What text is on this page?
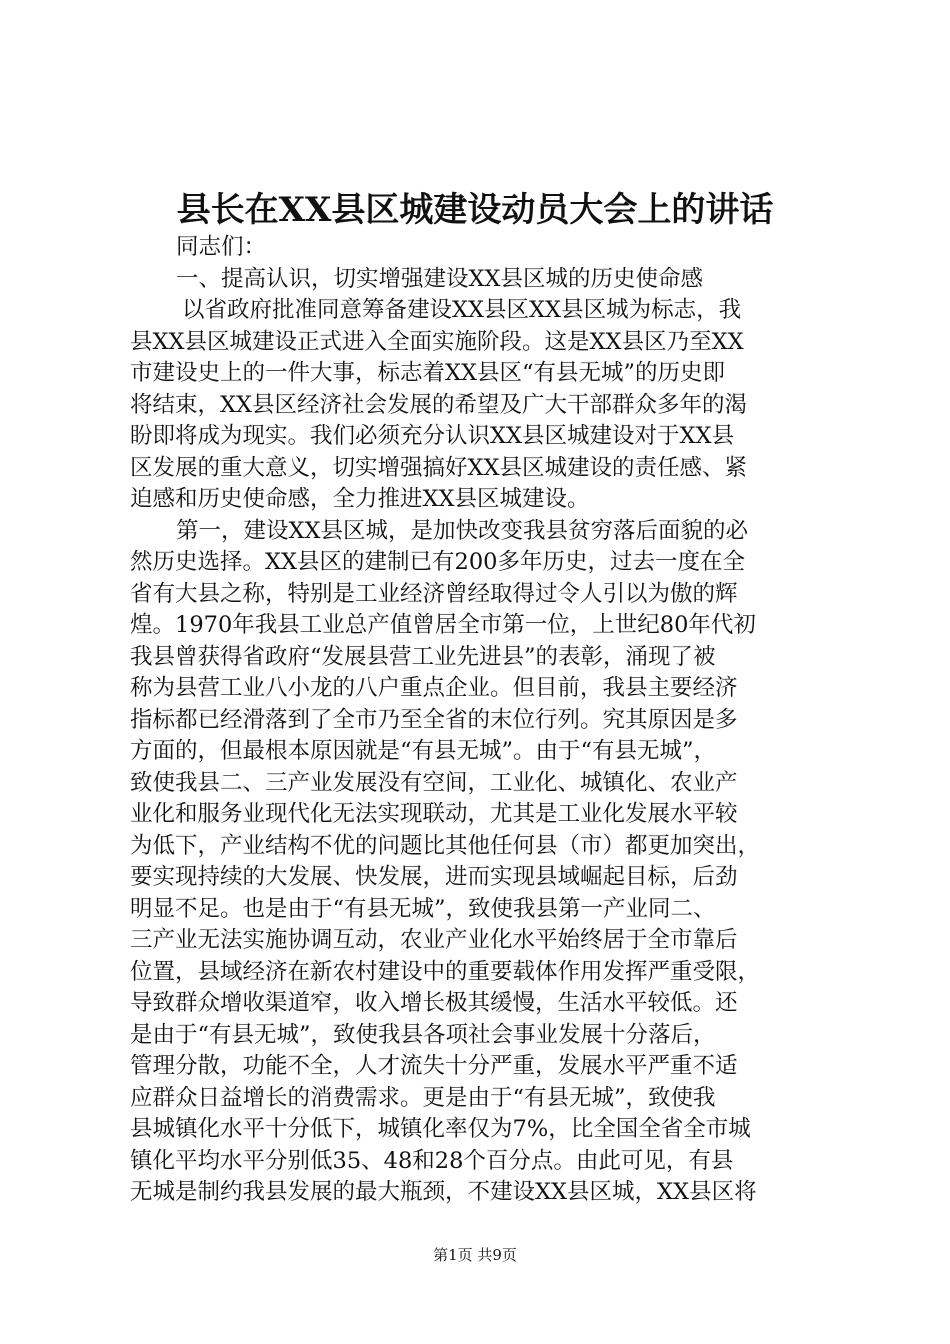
县长在XX县区城建设动员大会上的讲话
同志们：
一、提高认识，切实增强建设XX县区城的历史使命感
以省政府批准同意筹备建设XX县区XX县区城为标志，我
县XX县区城建设正式进入全面实施阶段。这是XX县区乃至XX
市建设史上的一件大事，标志着XX县区“有县无城”的历史即
将结束，XX县区经济社会发展的希望及广大干部群众多年的渴
盼即将成为现实。我们必须充分认识XX县区城建设对于XX县
区发展的重大意义，切实增强搞好XX县区城建设的责任感、紧
迫感和历史使命感，全力推进XX县区城建设。
第一，建设XX县区城，是加快改变我县贫穷落后面貌的必
然历史选择。XX县区的建制已有200多年历史，过去一度在全
省有大县之称，特别是工业经济曾经取得过令人引以为傲的辉
煌。1970年我县工业总产值曾居全市第一位，上世纪80年代初
我县曾获得省政府“发展县营工业先进县”的表彰，涌现了被
称为县营工业八小龙的八户重点企业。但目前，我县主要经济
指标都已经滑落到了全市乃至全省的末位行列。究其原因是多
方面的，但最根本原因就是“有县无城”。由于“有县无城”，
致使我县二、三产业发展没有空间，工业化、城镇化、农业产
业化和服务业现代化无法实现联动，尤其是工业化发展水平较
为低下，产业结构不优的问题比其他任何县（市）都更加突出，
要实现持续的大发展、快发展，进而实现县域崛起目标，后劲
明显不足。也是由于“有县无城”，致使我县第一产业同二、
三产业无法实施协调互动，农业产业化水平始终居于全市靠后
位置，县域经济在新农村建设中的重要载体作用发挥严重受限，
导致群众增收渠道窄，收入增长极其缓慢，生活水平较低。还
是由于“有县无城”，致使我县各项社会事业发展十分落后，
管理分散，功能不全，人才流失十分严重，发展水平严重不适
应群众日益增长的消费需求。更是由于“有县无城”，致使我
县城镇化水平十分低下，城镇化率仅为7%，比全国全省全市城
镇化平均水平分别低35、48和28个百分点。由此可见，有县
无城是制约我县发展的最大瓶颈，不建设XX县区城，XX县区将
第1页 共9页
